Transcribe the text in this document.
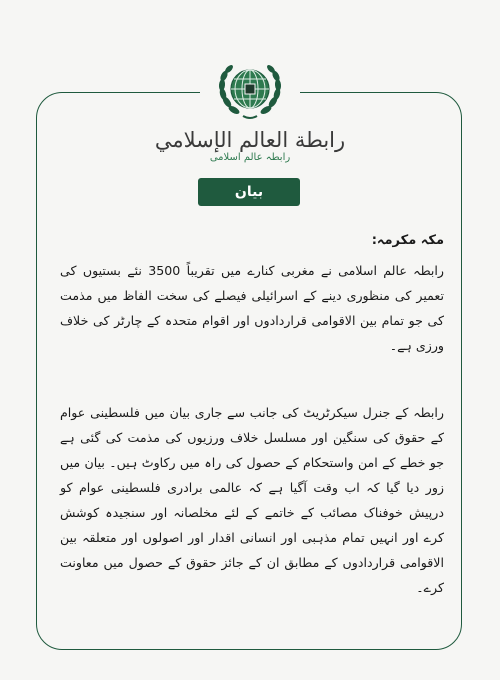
رابطة العالم الإسلامي
رابطہ عالم اسلامی
بیان
مکہ مکرمہ:

رابطہ عالم اسلامی نے مغربی کنارے میں تقریباً 3500 نئے بستیوں کی تعمیر کی منظوری دینے کے اسرائیلی فیصلے کی سخت الفاظ میں مذمت کی جو تمام بین الاقوامی قراردادوں اور اقوام متحدہ کے چارٹر کی خلاف ورزی ہے۔

رابطہ کے جنرل سیکرٹریٹ کی جانب سے جاری بیان میں فلسطینی عوام کے حقوق کی سنگین اور مسلسل خلاف ورزیوں کی مذمت کی گئی ہے جو خطے کے امن واستحکام کے حصول کی راہ میں رکاوٹ ہیں۔ بیان میں زور دیا گیا کہ اب وقت آگیا ہے کہ عالمی برادری فلسطینی عوام کو درپیش خوفناک مصائب کے خاتمے کے لئے مخلصانہ اور سنجیدہ کوشش کرے اور انہیں تمام مذہبی اور انسانی اقدار اور اصولوں اور متعلقہ بین الاقوامی قراردادوں کے مطابق ان کے جائز حقوق کے حصول میں معاونت کرے۔
